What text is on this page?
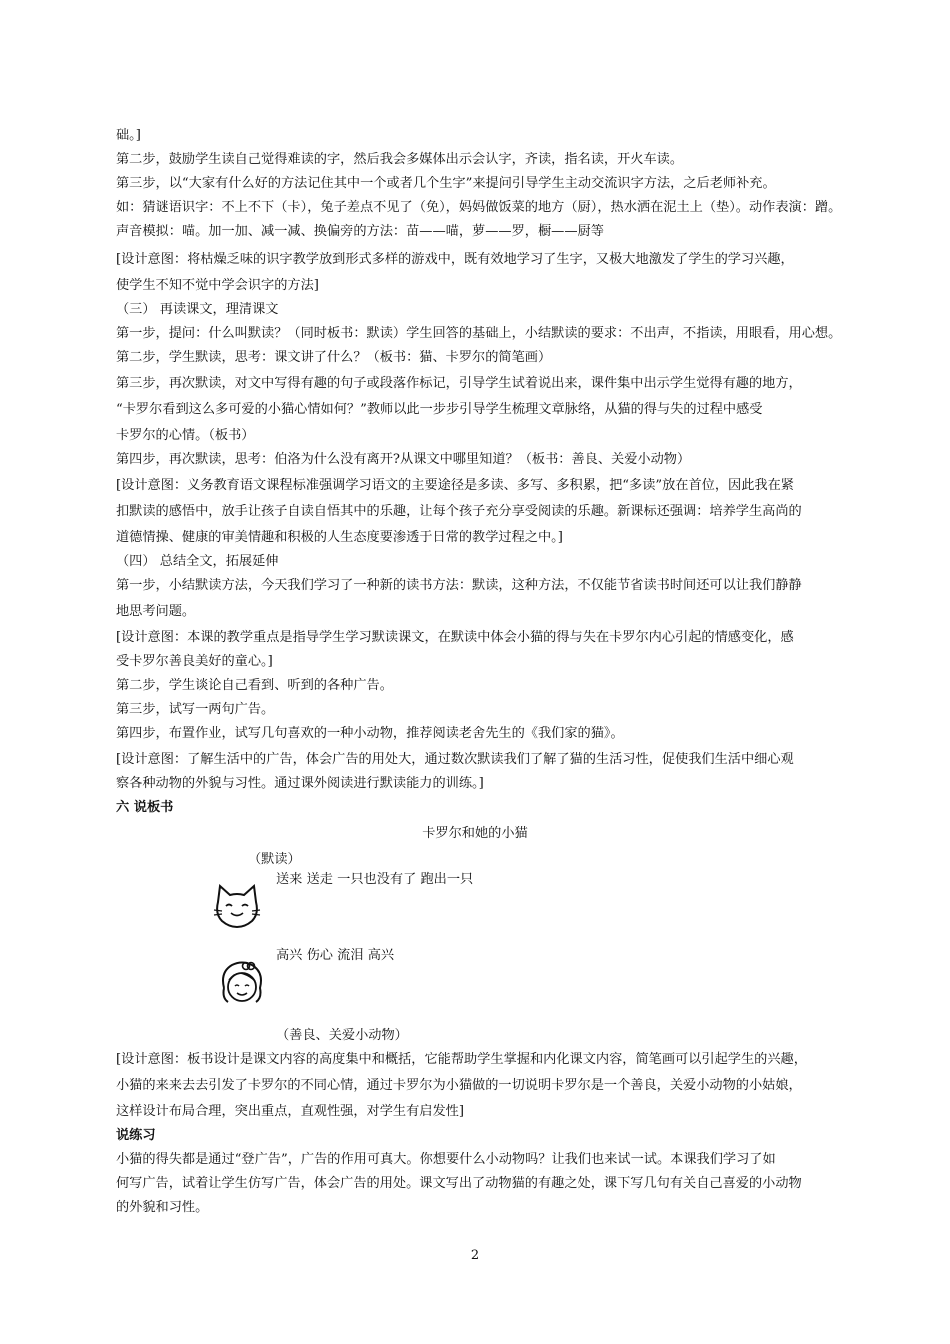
础。]
第二步，鼓励学生读自己觉得难读的字，然后我会多媒体出示会认字，齐读，指名读，开火车读。
第三步，以“大家有什么好的方法记住其中一个或者几个生字”来提问引导学生主动交流识字方法，之后老师补充。
如：猜谜语识字：不上不下（卡），兔子差点不见了（免），妈妈做饭菜的地方（厨），热水洒在泥土上（垫）。动作表演：蹭。
声音模拟：喵。加一加、减一减、换偏旁的方法：苗——喵，萝——罗，橱——厨等
[设计意图：将枯燥乏味的识字教学放到形式多样的游戏中，既有效地学习了生字，又极大地激发了学生的学习兴趣，
使学生不知不觉中学会识字的方法]
（三） 再读课文，理清课文
第一步，提问：什么叫默读？（同时板书：默读）学生回答的基础上，小结默读的要求：不出声，不指读，用眼看，用心想。
第二步，学生默读，思考：课文讲了什么？（板书：猫、卡罗尔的简笔画）
第三步，再次默读，对文中写得有趣的句子或段落作标记，引导学生试着说出来，课件集中出示学生觉得有趣的地方，
“卡罗尔看到这么多可爱的小猫心情如何？”教师以此一步步引导学生梳理文章脉络，从猫的得与失的过程中感受
卡罗尔的心情。（板书）
第四步，再次默读，思考：伯洛为什么没有离开?从课文中哪里知道？（板书：善良、关爱小动物）
[设计意图：义务教育语文课程标准强调学习语文的主要途径是多读、多写、多积累，把“多读”放在首位，因此我在紧
扣默读的感悟中，放手让孩子自读自悟其中的乐趣，让每个孩子充分享受阅读的乐趣。新课标还强调：培养学生高尚的
道德情操、健康的审美情趣和积极的人生态度要渗透于日常的教学过程之中。]
（四） 总结全文，拓展延伸
第一步，小结默读方法，今天我们学习了一种新的读书方法：默读，这种方法，不仅能节省读书时间还可以让我们静静
地思考问题。
[设计意图：本课的教学重点是指导学生学习默读课文，在默读中体会小猫的得与失在卡罗尔内心引起的情感变化，感
受卡罗尔善良美好的童心。]
第二步，学生谈论自己看到、听到的各种广告。
第三步，试写一两句广告。
第四步，布置作业，试写几句喜欢的一种小动物，推荐阅读老舍先生的《我们家的猫》。
[设计意图：了解生活中的广告，体会广告的用处大，通过数次默读我们了解了猫的生活习性，促使我们生活中细心观
察各种动物的外貌与习性。通过课外阅读进行默读能力的训练。]
六 说板书
卡罗尔和她的小猫
（默读）
送来 送走 一只也没有了 跑出一只
高兴 伤心 流泪 高兴
（善良、关爱小动物）
[设计意图：板书设计是课文内容的高度集中和概括，它能帮助学生掌握和内化课文内容，简笔画可以引起学生的兴趣，
小猫的来来去去引发了卡罗尔的不同心情，通过卡罗尔为小猫做的一切说明卡罗尔是一个善良，关爱小动物的小姑娘，
这样设计布局合理，突出重点，直观性强，对学生有启发性]
说练习
小猫的得失都是通过“登广告”，广告的作用可真大。你想要什么小动物吗？让我们也来试一试。本课我们学习了如
何写广告，试着让学生仿写广告，体会广告的用处。课文写出了动物猫的有趣之处，课下写几句有关自己喜爱的小动物
的外貌和习性。
2
